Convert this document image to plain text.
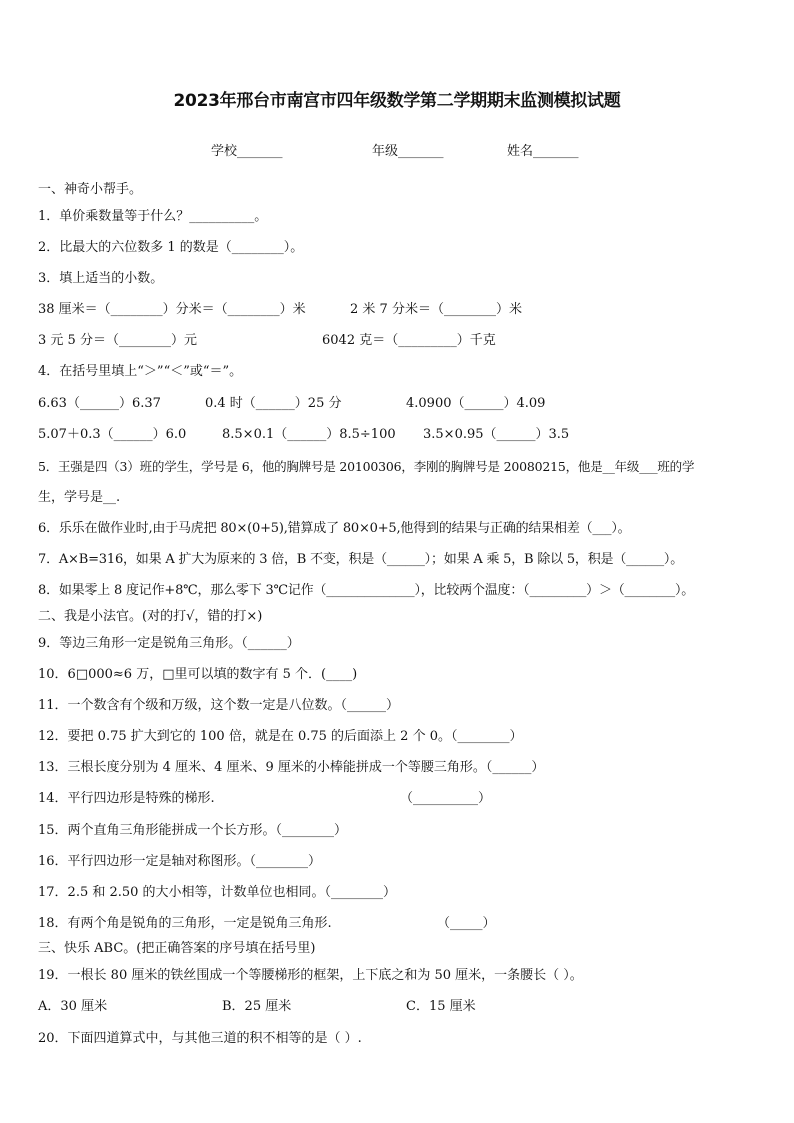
2023年邢台市南宫市四年级数学第二学期期末监测模拟试题
学校_______	年级_______	姓名_______
一、神奇小帮手。
1．单价乘数量等于什么？__________。
2．比最大的六位数多 1 的数是（________）。
3．填上适当的小数。
38 厘米＝（________）分米＝（________）米	2 米 7 分米＝（________）米
3 元 5 分＝（________）元	6042 克＝（_________）千克
4．在括号里填上“＞”“＜”或“＝”。
6.63（______）6.37	0.4 时（______）25 分	4.0900（______）4.09
5.07＋0.3（______）6.0	8.5×0.1（______）8.5÷100 3.5×0.95（______）3.5
5．王强是四（3）班的学生，学号是 6，他的胸牌号是 20100306，李刚的胸牌号是 20080215，他是__年级___班的学
生，学号是__.
6．乐乐在做作业时,由于马虎把 80×(0+5),错算成了 80×0+5,他得到的结果与正确的结果相差（___）。
7．A×B=316，如果 A 扩大为原来的 3 倍，B 不变，积是（______）；如果 A 乘 5，B 除以 5，积是（______）。
8．如果零上 8 度记作+8℃，那么零下 3℃记作（______________），比较两个温度：（_________）＞（________）。
二、我是小法官。(对的打√，错的打×)
9．等边三角形一定是锐角三角形。（______）
10．6□000≈6 万，□里可以填的数字有 5 个．(____)
11．一个数含有个级和万级，这个数一定是八位数。（______）
12．要把 0.75 扩大到它的 100 倍，就是在 0.75 的后面添上 2 个 0。（________）
13．三根长度分别为 4 厘米、4 厘米、9 厘米的小棒能拼成一个等腰三角形。（______）
14．平行四边形是特殊的梯形.	（__________）
15．两个直角三角形能拼成一个长方形。（________）
16．平行四边形一定是轴对称图形。（________）
17．2.5 和 2.50 的大小相等，计数单位也相同。（________）
18．有两个角是锐角的三角形，一定是锐角三角形.	（_____）
三、快乐 ABC。(把正确答案的序号填在括号里)
19．一根长 80 厘米的铁丝围成一个等腰梯形的框架，上下底之和为 50 厘米，一条腰长（ ）。
A．30 厘米	B．25 厘米	C．15 厘米
20．下面四道算式中，与其他三道的积不相等的是（ ）.
